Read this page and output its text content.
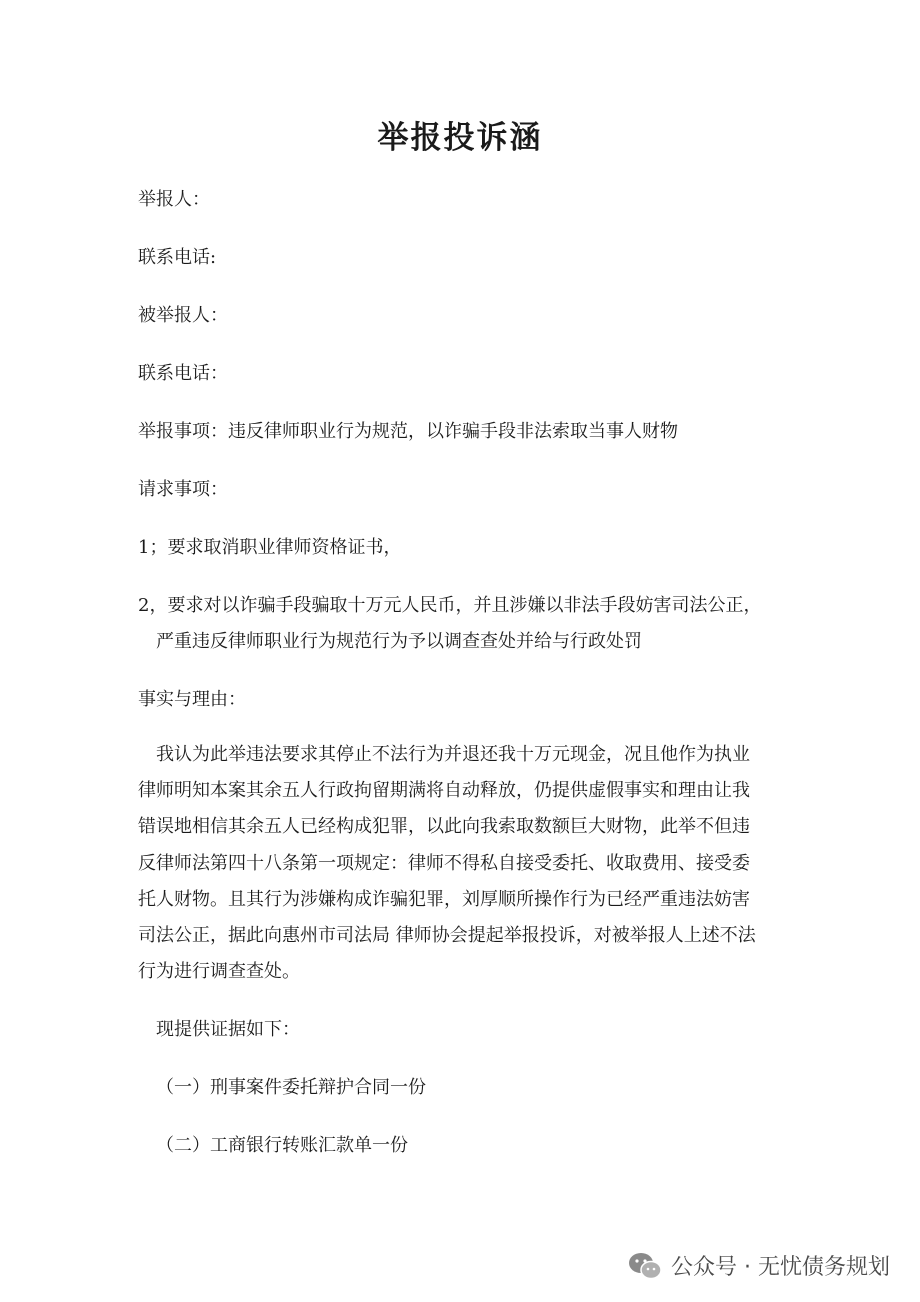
举报投诉涵
举报人：
联系电话:
被举报人：
联系电话：
举报事项：违反律师职业行为规范，以诈骗手段非法索取当事人财物
请求事项：
1；要求取消职业律师资格证书，
2，要求对以诈骗手段骗取十万元人民币，并且涉嫌以非法手段妨害司法公正，
严重违反律师职业行为规范行为予以调查查处并给与行政处罚
事实与理由：
　我认为此举违法要求其停止不法行为并退还我十万元现金，况且他作为执业
律师明知本案其余五人行政拘留期满将自动释放，仍提供虚假事实和理由让我
错误地相信其余五人已经构成犯罪，以此向我索取数额巨大财物，此举不但违
反律师法第四十八条第一项规定：律师不得私自接受委托、收取费用、接受委
托人财物。且其行为涉嫌构成诈骗犯罪，刘厚顺所操作行为已经严重违法妨害
司法公正，据此向惠州市司法局 律师协会提起举报投诉，对被举报人上述不法
行为进行调查查处。
现提供证据如下：
（一）刑事案件委托辩护合同一份
（二）工商银行转账汇款单一份
公众号 · 无忧债务规划
